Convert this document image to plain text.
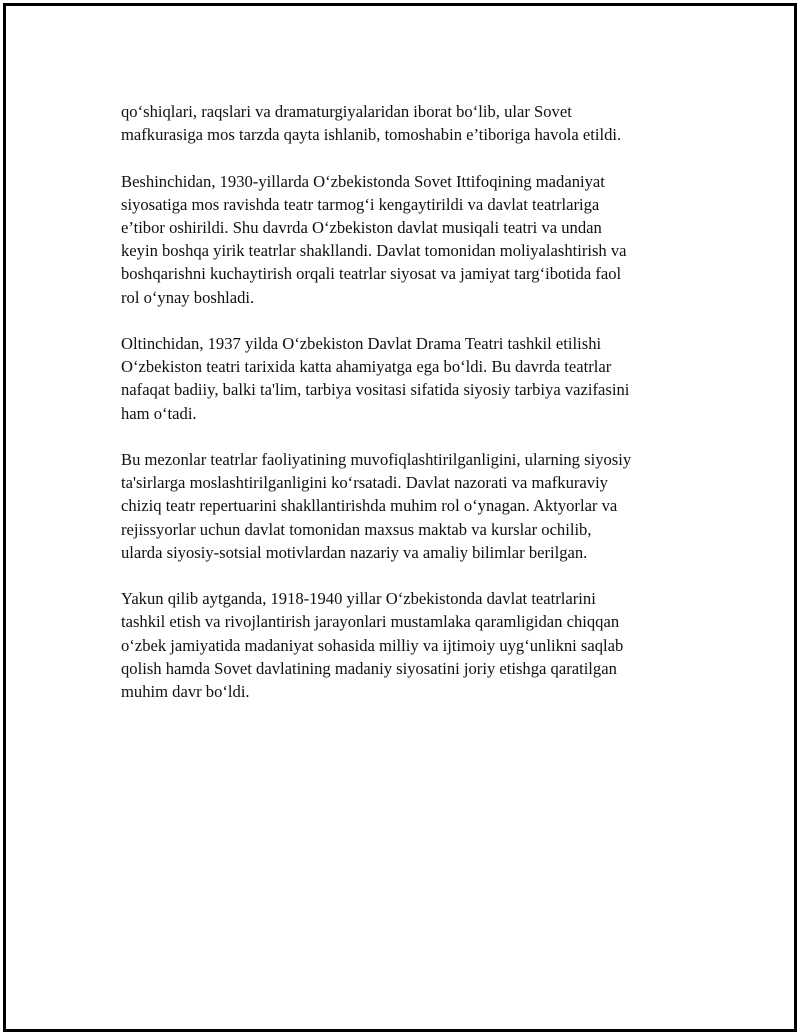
qo‘shiqlari, raqslari va dramaturgiyalaridan iborat bo‘lib, ular Sovet
mafkurasiga mos tarzda qayta ishlanib, tomoshabin e’tiboriga havola etildi.

Beshinchidan, 1930-yillarda O‘zbekistonda Sovet Ittifoqining madaniyat
siyosatiga mos ravishda teatr tarmog‘i kengaytirildi va davlat teatrlariga
e’tibor oshirildi. Shu davrda O‘zbekiston davlat musiqali teatri va undan
keyin boshqa yirik teatrlar shakllandi. Davlat tomonidan moliyalashtirish va
boshqarishni kuchaytirish orqali teatrlar siyosat va jamiyat targ‘ibotida faol
rol o‘ynay boshladi.

Oltinchidan, 1937 yilda O‘zbekiston Davlat Drama Teatri tashkil etilishi
O‘zbekiston teatri tarixida katta ahamiyatga ega bo‘ldi. Bu davrda teatrlar
nafaqat badiiy, balki ta'lim, tarbiya vositasi sifatida siyosiy tarbiya vazifasini
ham o‘tadi.

Bu mezonlar teatrlar faoliyatining muvofiqlashtirilganligini, ularning siyosiy
ta'sirlarga moslashtirilganligini ko‘rsatadi. Davlat nazorati va mafkuraviy
chiziq teatr repertuarini shakllantirishda muhim rol o‘ynagan. Aktyorlar va
rejissyorlar uchun davlat tomonidan maxsus maktab va kurslar ochilib,
ularda siyosiy-sotsial motivlardan nazariy va amaliy bilimlar berilgan.

Yakun qilib aytganda, 1918-1940 yillar O‘zbekistonda davlat teatrlarini
tashkil etish va rivojlantirish jarayonlari mustamlaka qaramligidan chiqqan
o‘zbek jamiyatida madaniyat sohasida milliy va ijtimoiy uyg‘unlikni saqlab
qolish hamda Sovet davlatining madaniy siyosatini joriy etishga qaratilgan
muhim davr bo‘ldi.
